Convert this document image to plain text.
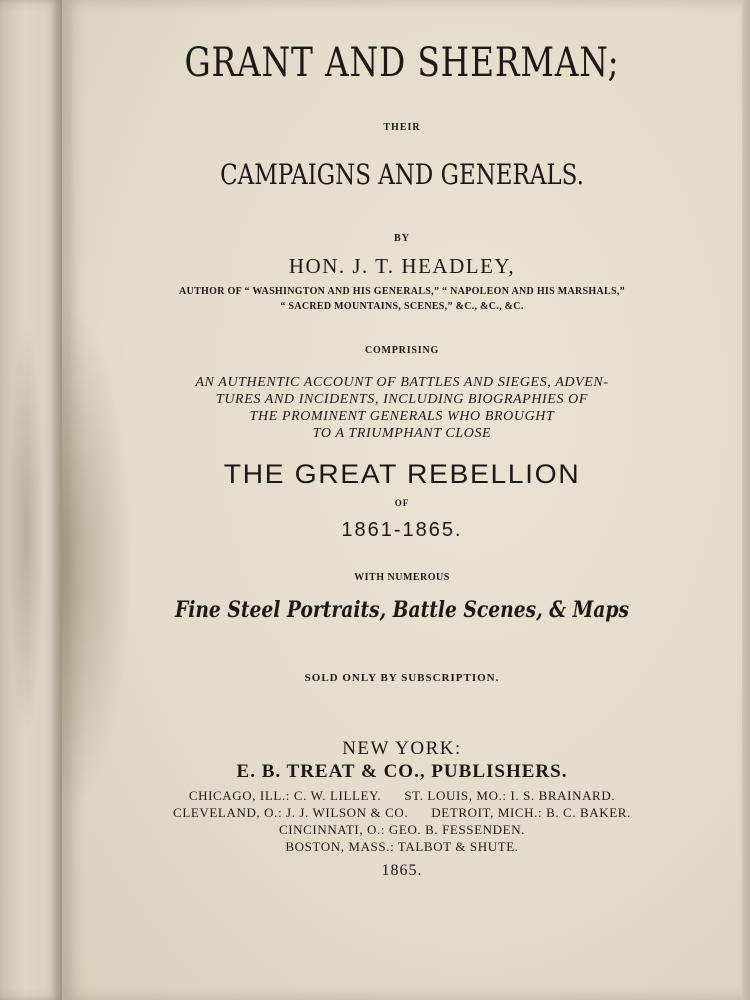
GRANT AND SHERMAN;
THEIR
CAMPAIGNS AND GENERALS.
BY
HON. J. T. HEADLEY,
AUTHOR OF “ WASHINGTON AND HIS GENERALS,” “ NAPOLEON AND HIS MARSHALS,”
“ SACRED MOUNTAINS, SCENES,” &C., &C., &C.
COMPRISING
AN AUTHENTIC ACCOUNT OF BATTLES AND SIEGES, ADVEN-
TURES AND INCIDENTS, INCLUDING BIOGRAPHIES OF
THE PROMINENT GENERALS WHO BROUGHT
TO A TRIUMPHANT CLOSE
THE GREAT REBELLION
OF
1861-1865.
WITH NUMEROUS
Fine Steel Portraits, Battle Scenes, & Maps
SOLD ONLY BY SUBSCRIPTION.
NEW YORK:
E. B. TREAT & CO., PUBLISHERS.
CHICAGO, ILL.: C. W. LILLEY.      ST. LOUIS, MO.: I. S. BRAINARD.
CLEVELAND, O.: J. J. WILSON & CO.      DETROIT, MICH.: B. C. BAKER.
CINCINNATI, O.: GEO. B. FESSENDEN.
BOSTON, MASS.: TALBOT & SHUTE.
1865.
